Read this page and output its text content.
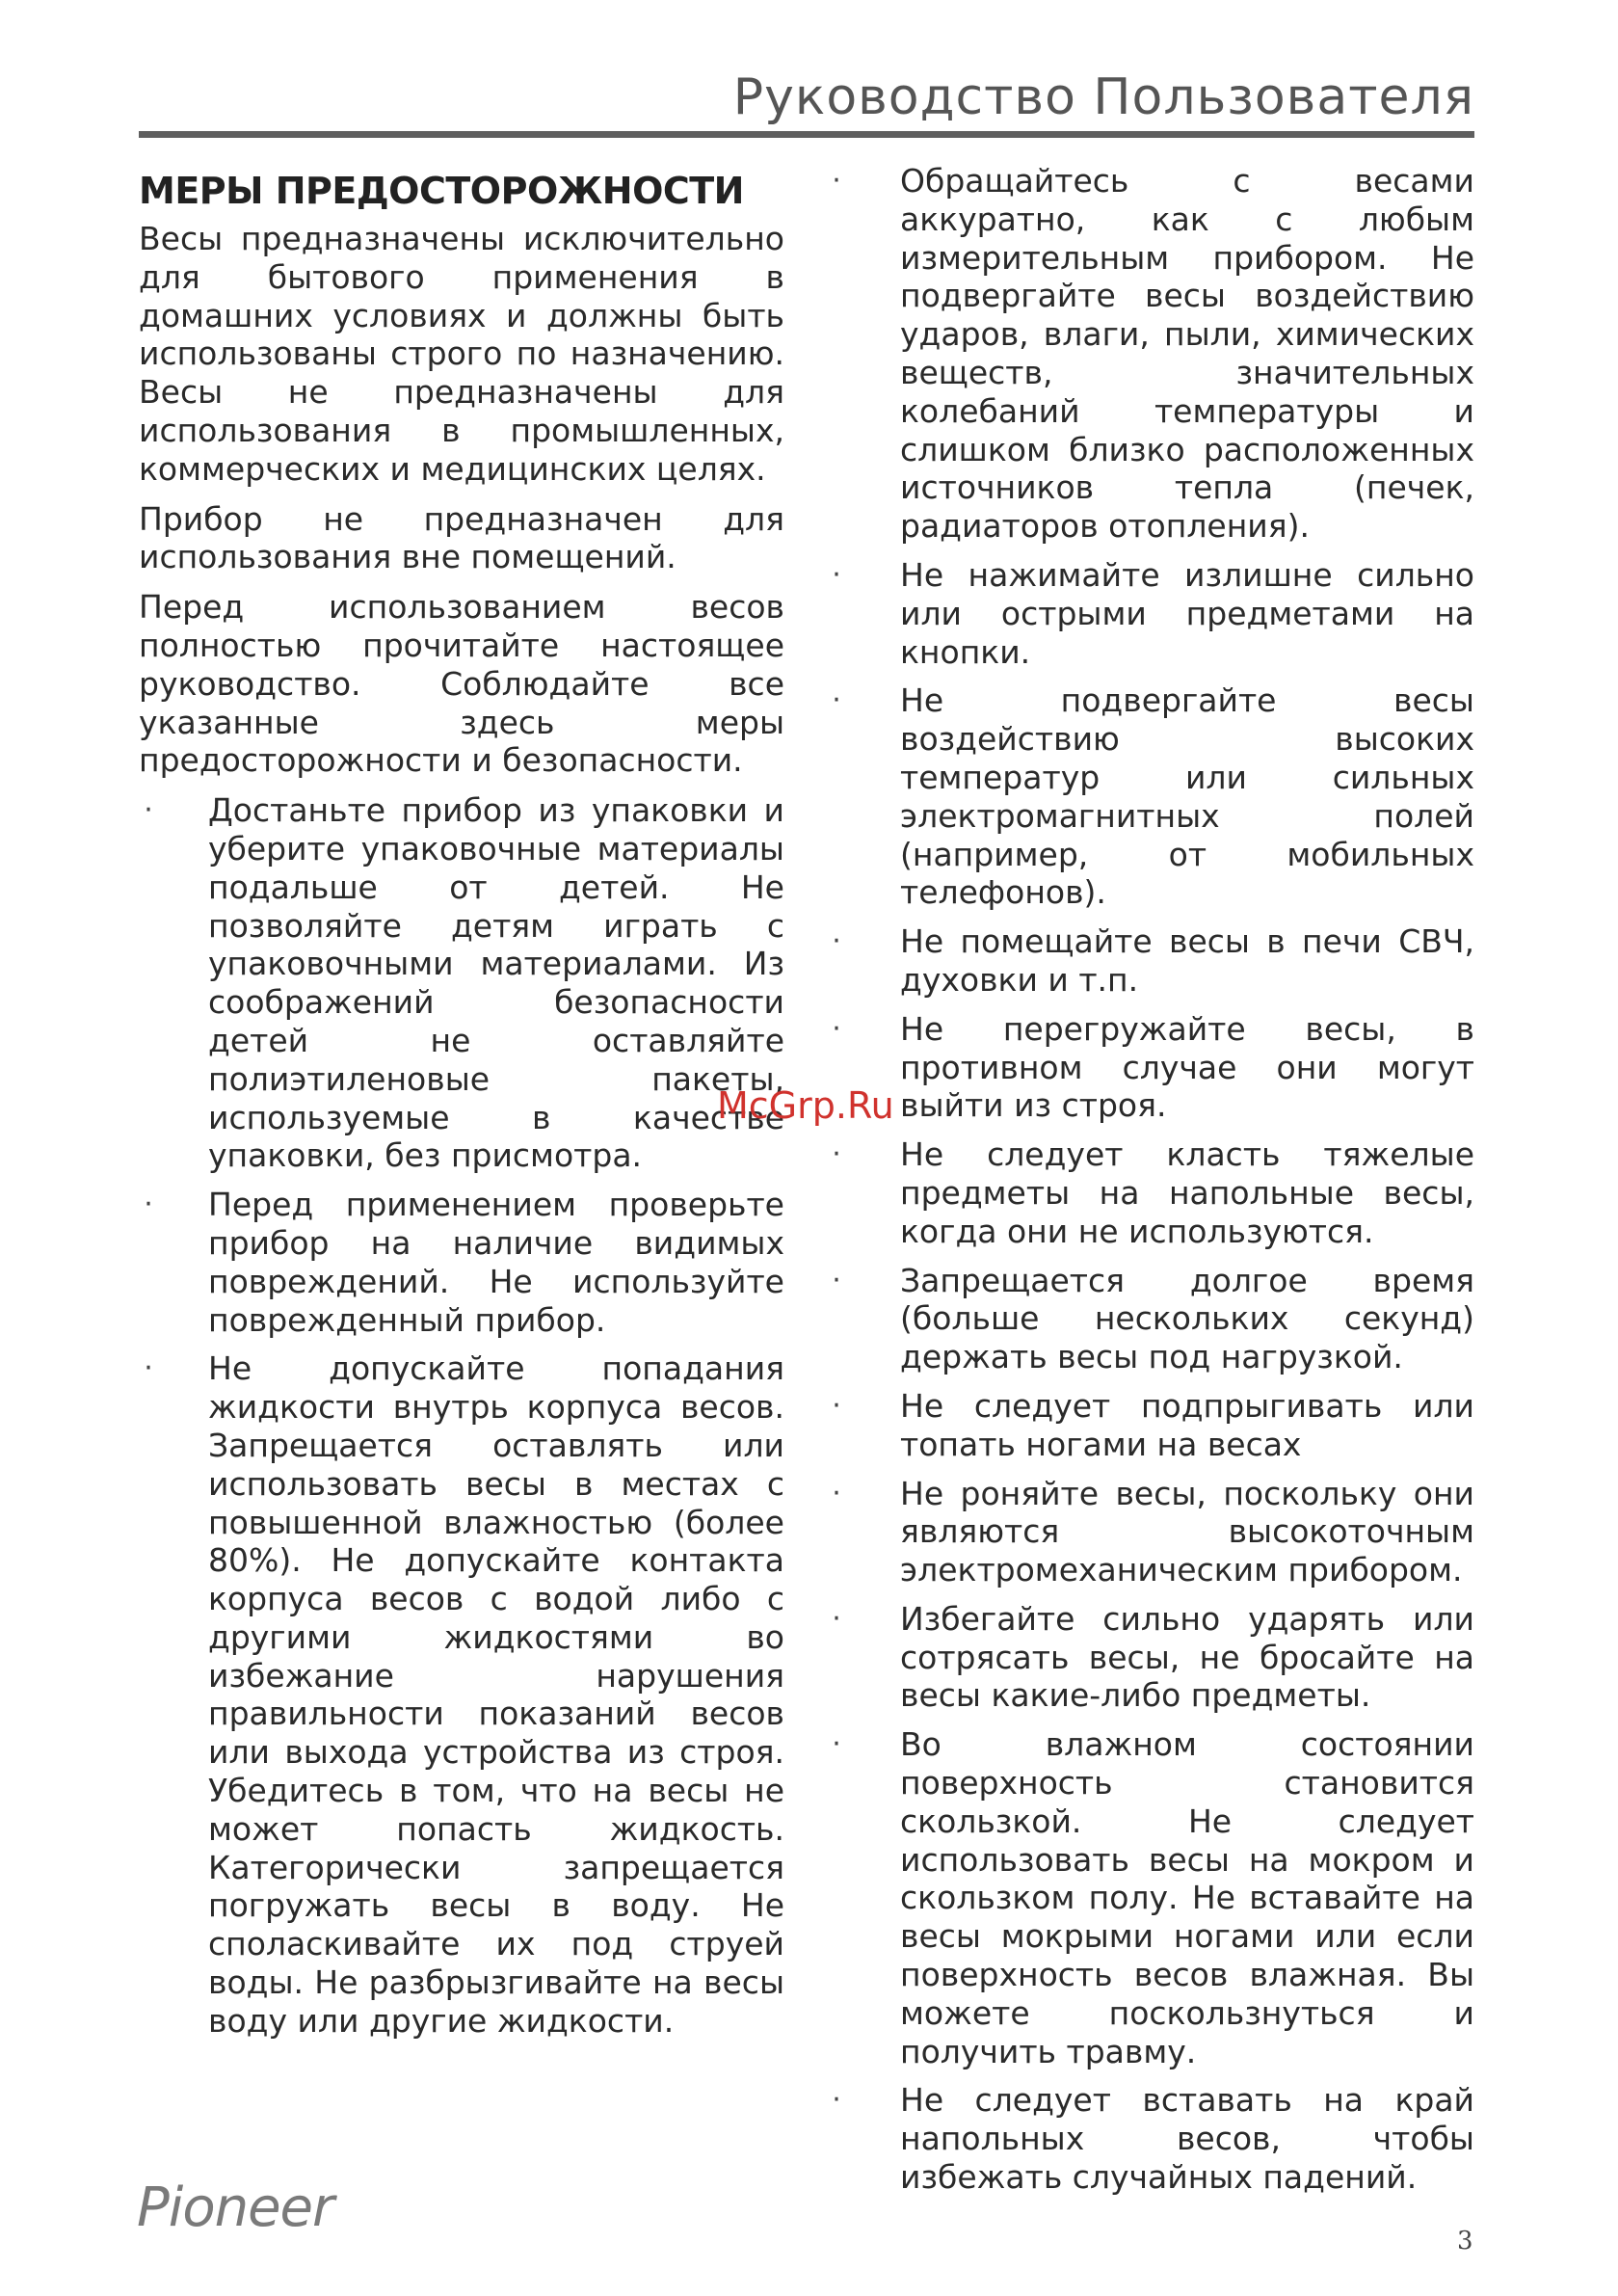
Руководство Пользователя
МЕРЫ ПРЕДОСТОРОЖНОСТИ

Весы предназначены исключительно для бытового применения в домашних условиях и должны быть использованы строго по назначению. Весы не предназначены для использования в промышленных, коммерческих и медицинских целях.

Прибор не предназначен для использования вне помещений.

Перед использованием весов полностью прочитайте настоящее руководство. Соблюдайте все указанные здесь меры предосторожности и безопасности.

· Достаньте прибор из упаковки и уберите упаковочные материалы подальше от детей. Не позволяйте детям играть с упаковочными материалами. Из соображений безопасности детей не оставляйте полиэтиленовые пакеты, используемые в качестве упаковки, без присмотра.
· Перед применением проверьте прибор на наличие видимых повреждений. Не используйте поврежденный прибор.
· Не допускайте попадания жидкости внутрь корпуса весов. Запрещается оставлять или использовать весы в местах с повышенной влажностью (более 80%). Не допускайте контакта корпуса весов с водой либо с другими жидкостями во избежание нарушения правильности показаний весов или выхода устройства из строя. Убедитесь в том, что на весы не может попасть жидкость. Категорически запрещается погружать весы в воду. Не споласкивайте их под струей воды. Не разбрызгивайте на весы воду или другие жидкости.
· Обращайтесь с весами аккуратно, как с любым измерительным прибором. Не подвергайте весы воздействию ударов, влаги, пыли, химических веществ, значительных колебаний температуры и слишком близко расположенных источников тепла (печек, радиаторов отопления).
· Не нажимайте излишне сильно или острыми предметами на кнопки.
· Не подвергайте весы воздействию высоких температур или сильных электромагнитных полей (например, от мобильных телефонов).
· Не помещайте весы в печи СВЧ, духовки и т.п.
· Не перегружайте весы, в противном случае они могут выйти из строя.
· Не следует класть тяжелые предметы на напольные весы, когда они не используются.
· Запрещается долгое время (больше нескольких секунд) держать весы под нагрузкой.
· Не следует подпрыгивать или топать ногами на весах
· Не роняйте весы, поскольку они являются высокоточным электромеханическим прибором.
· Избегайте сильно ударять или сотрясать весы, не бросайте на весы какие-либо предметы.
· Во влажном состоянии поверхность становится скользкой. Не следует использовать весы на мокром и скользком полу. Не вставайте на весы мокрыми ногами или если поверхность весов влажная. Вы можете поскользнуться и получить травму.
· Не следует вставать на край напольных весов, чтобы избежать случайных падений.
McGrp.Ru
Pioneer
3
